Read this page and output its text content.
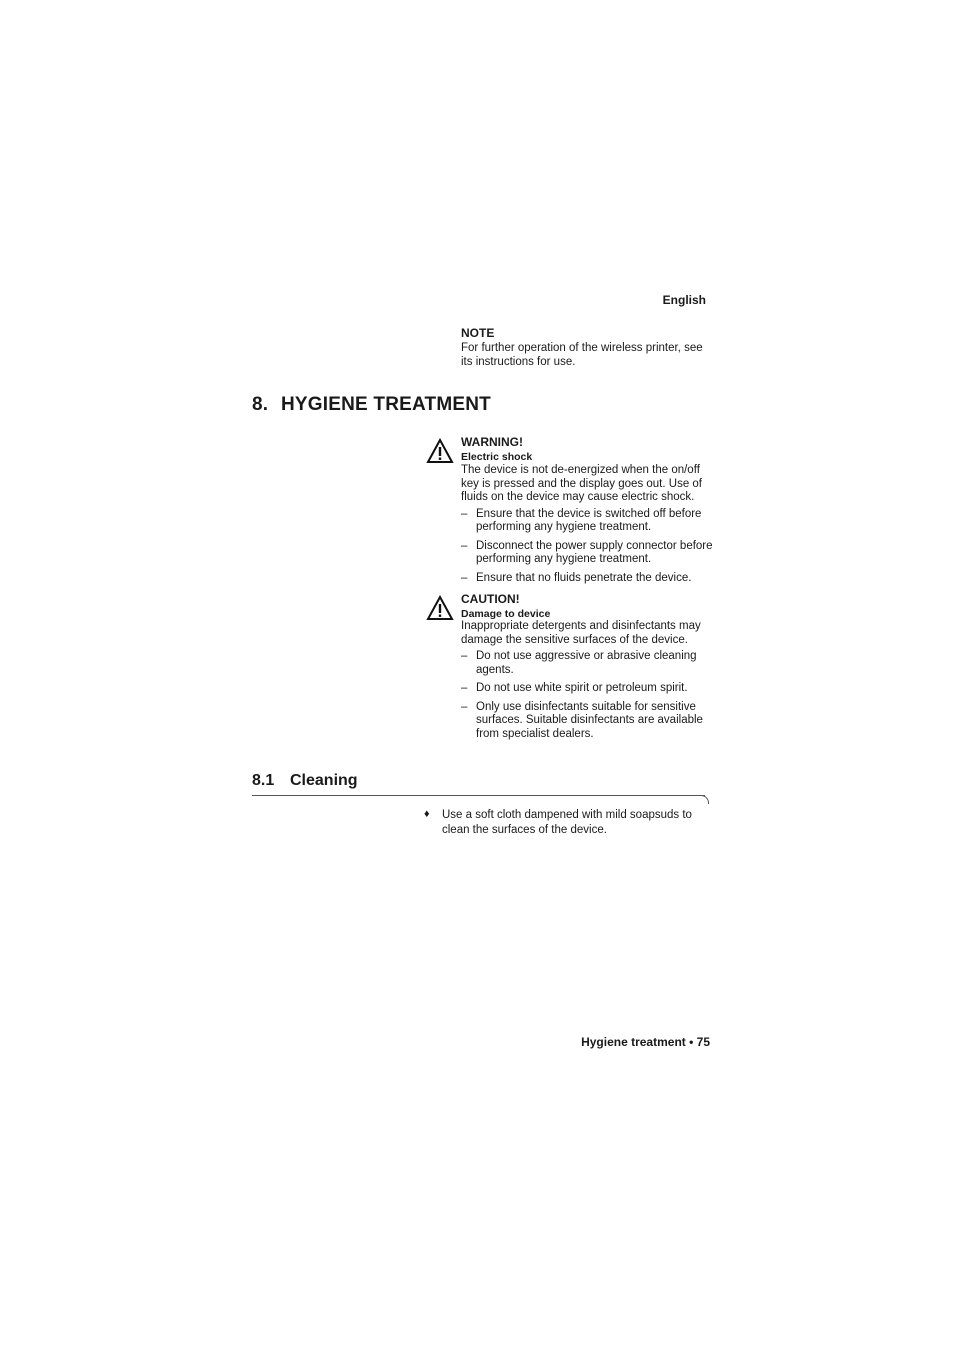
English
NOTE
For further operation of the wireless printer, see its instructions for use.
8. HYGIENE TREATMENT
WARNING!
Electric shock
The device is not de-energized when the on/off key is pressed and the display goes out. Use of fluids on the device may cause electric shock.
– Ensure that the device is switched off before performing any hygiene treatment.
– Disconnect the power supply connector before performing any hygiene treatment.
– Ensure that no fluids penetrate the device.
CAUTION!
Damage to device
Inappropriate detergents and disinfectants may damage the sensitive surfaces of the device.
– Do not use aggressive or abrasive cleaning agents.
– Do not use white spirit or petroleum spirit.
– Only use disinfectants suitable for sensitive surfaces. Suitable disinfectants are available from specialist dealers.
8.1 Cleaning
♦ Use a soft cloth dampened with mild soapsuds to clean the surfaces of the device.
Hygiene treatment • 75
